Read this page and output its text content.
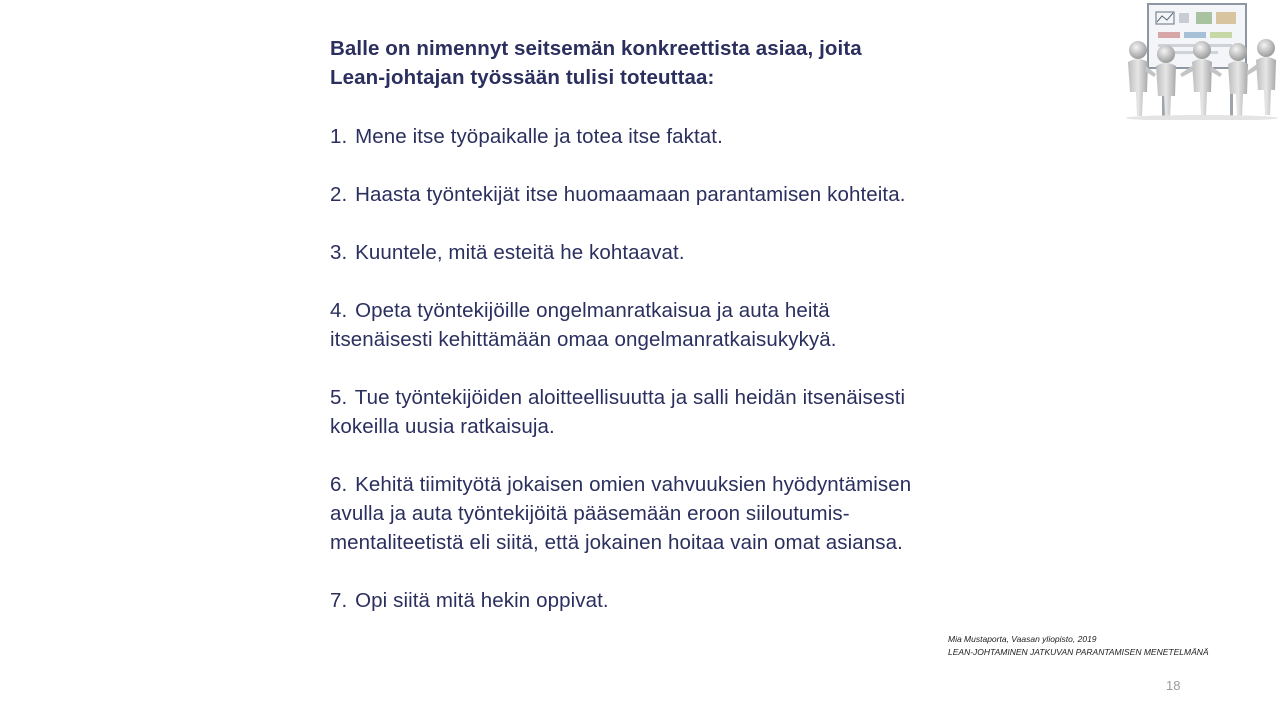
Balle on nimennyt seitsemän konkreettista asiaa, joita
Lean-johtajan työssään tulisi toteuttaa:
1. Mene itse työpaikalle ja totea itse faktat.
2. Haasta työntekijät itse huomaamaan parantamisen kohteita.
3. Kuuntele, mitä esteitä he kohtaavat.
4. Opeta työntekijöille ongelmanratkaisua ja auta heitä
itsenäisesti kehittämään omaa ongelmanratkaisukykyä.
5. Tue työntekijöiden aloitteellisuutta ja salli heidän itsenäisesti
kokeilla uusia ratkaisuja.
6. Kehitä tiimityötä jokaisen omien vahvuuksien hyödyntämisen
avulla ja auta työntekijöitä pääsemään eroon siiloutumis-
mentaliteetistä eli siitä, että jokainen hoitaa vain omat asiansa.
7. Opi siitä mitä hekin oppivat.
Mia Mustaporta, Vaasan yliopisto, 2019
LEAN-JOHTAMINEN JATKUVAN PARANTAMISEN MENETELMÄNÄ
18
